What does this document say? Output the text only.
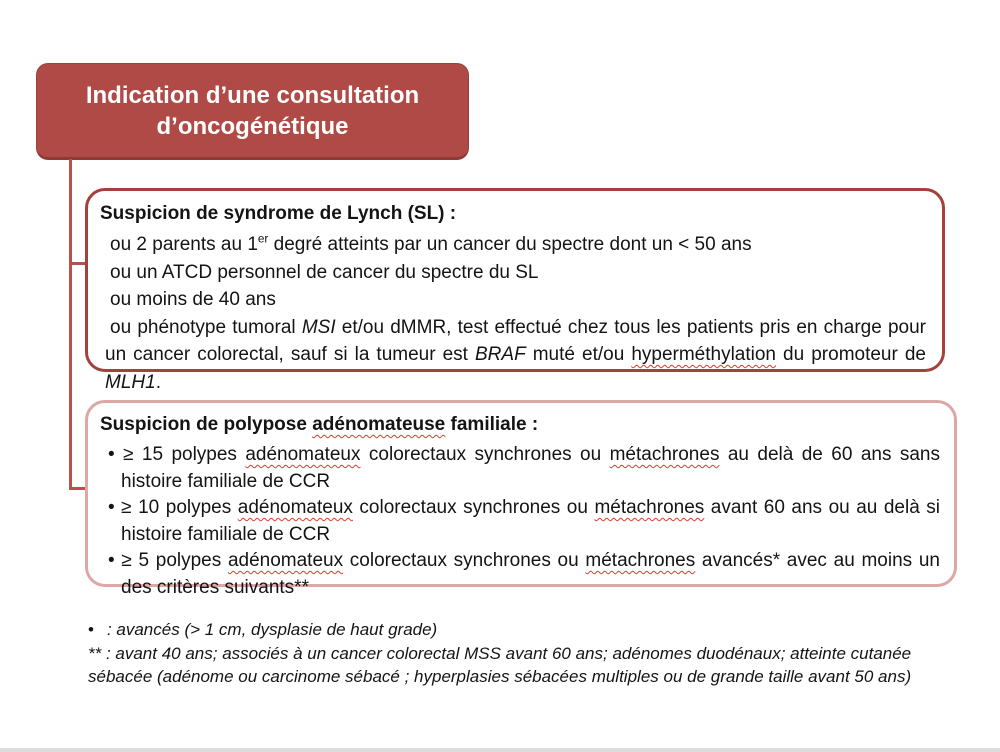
Indication d’une consultation
d’oncogénétique
Suspicion de syndrome de Lynch (SL) :
ou 2 parents au 1er degré atteints par un cancer du spectre dont un < 50 ans
ou un ATCD personnel de cancer du spectre du SL
ou moins de 40 ans
ou phénotype tumoral MSI et/ou dMMR, test effectué chez tous les patients pris en charge pour un cancer colorectal, sauf si la tumeur est BRAF muté et/ou hyperméthylation du promoteur de MLH1.
Suspicion de polypose adénomateuse familiale :
• ≥ 15 polypes adénomateux colorectaux synchrones ou métachrones au delà de 60 ans sans histoire familiale de CCR
• ≥ 10 polypes adénomateux colorectaux synchrones ou métachrones avant 60 ans ou au delà si histoire familiale de CCR
• ≥ 5 polypes adénomateux colorectaux synchrones ou métachrones avancés* avec au moins un des critères suivants**
• : avancés (> 1 cm, dysplasie de haut grade)
** : avant 40 ans; associés à un cancer colorectal MSS avant 60 ans; adénomes duodénaux; atteinte cutanée sébacée (adénome ou carcinome sébacé ; hyperplasies sébacées multiples ou de grande taille avant 50 ans)
